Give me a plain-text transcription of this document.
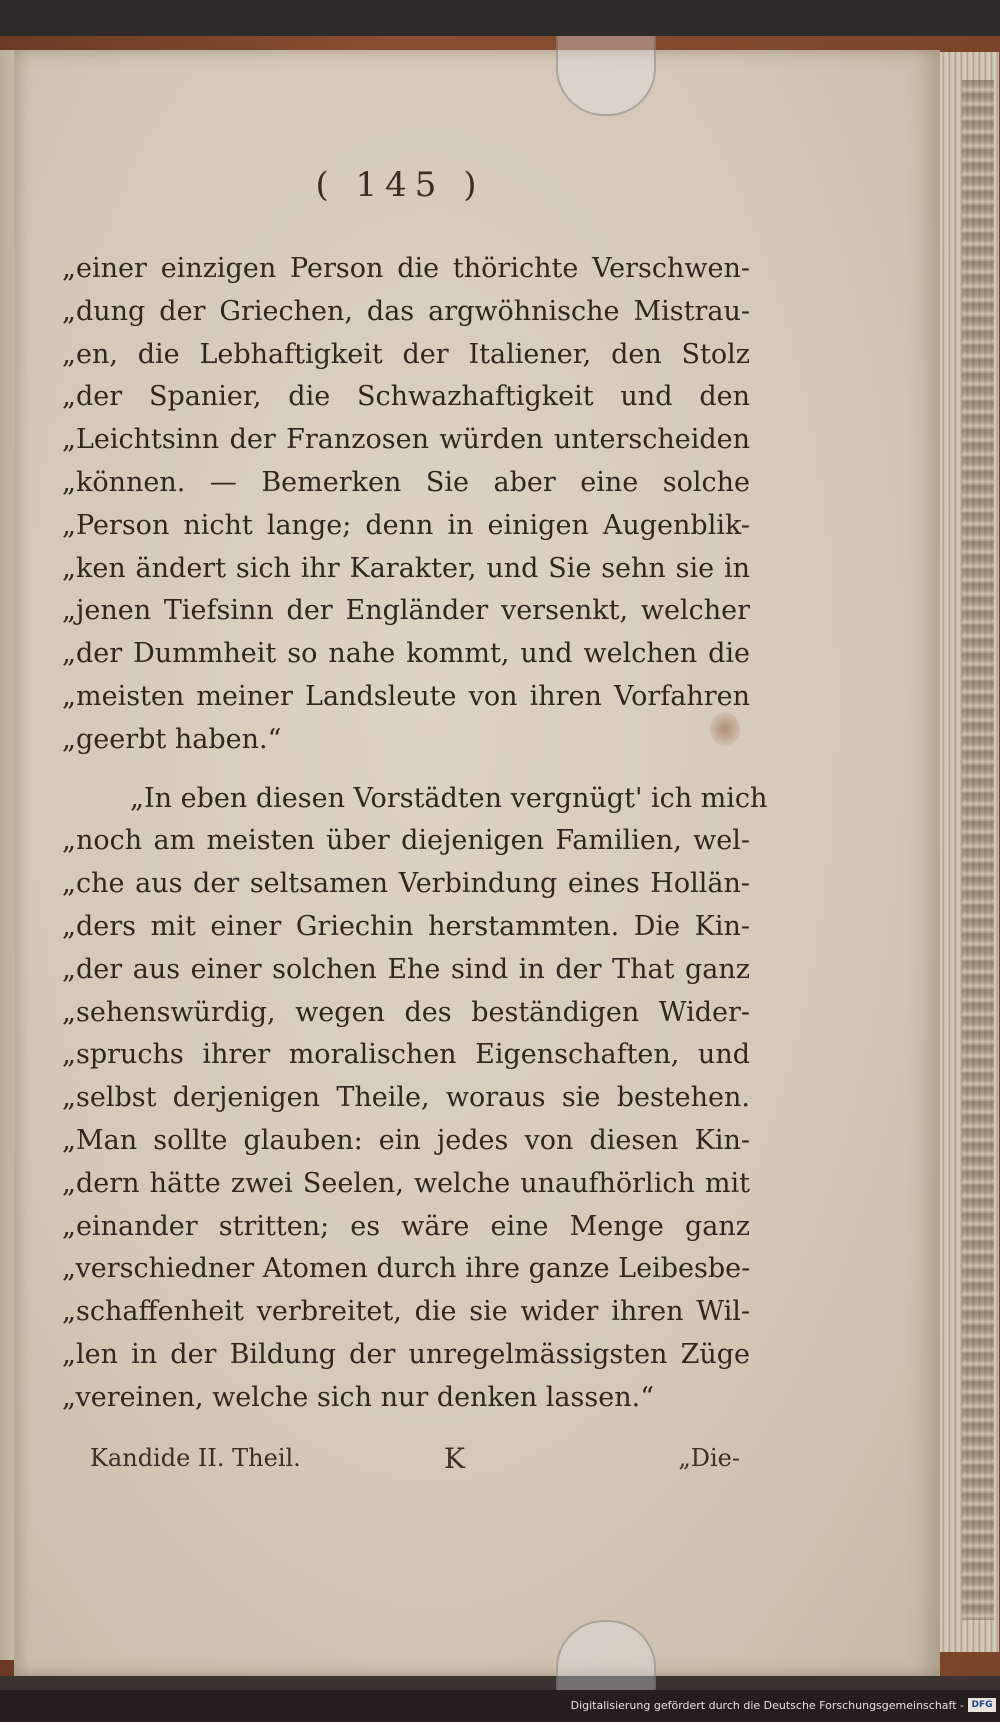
( 145 )
„einer einzigen Person die thörichte Verschwen-
„dung der Griechen, das argwöhnische Mistrau-
„en, die Lebhaftigkeit der Italiener, den Stolz
„der Spanier, die Schwazhaftigkeit und den
„Leichtsinn der Franzosen würden unterscheiden
„können. — Bemerken Sie aber eine solche
„Person nicht lange; denn in einigen Augenblik-
„ken ändert sich ihr Karakter, und Sie sehn sie in
„jenen Tiefsinn der Engländer versenkt, welcher
„der Dummheit so nahe kommt, und welchen die
„meisten meiner Landsleute von ihren Vorfahren
„geerbt haben.“
„In eben diesen Vorstädten vergnügt' ich mich
„noch am meisten über diejenigen Familien, wel-
„che aus der seltsamen Verbindung eines Hollän-
„ders mit einer Griechin herstammten. Die Kin-
„der aus einer solchen Ehe sind in der That ganz
„sehenswürdig, wegen des beständigen Wider-
„spruchs ihrer moralischen Eigenschaften, und
„selbst derjenigen Theile, woraus sie bestehen.
„Man sollte glauben: ein jedes von diesen Kin-
„dern hätte zwei Seelen, welche unaufhörlich mit
„einander stritten; es wäre eine Menge ganz
„verschiedner Atomen durch ihre ganze Leibesbe-
„schaffenheit verbreitet, die sie wider ihren Wil-
„len in der Bildung der unregelmässigsten Züge
„vereinen, welche sich nur denken lassen.“
Kandide II. Theil.	K	„Die-
Digitalisierung gefördert durch die Deutsche Forschungsgemeinschaft - DFG
